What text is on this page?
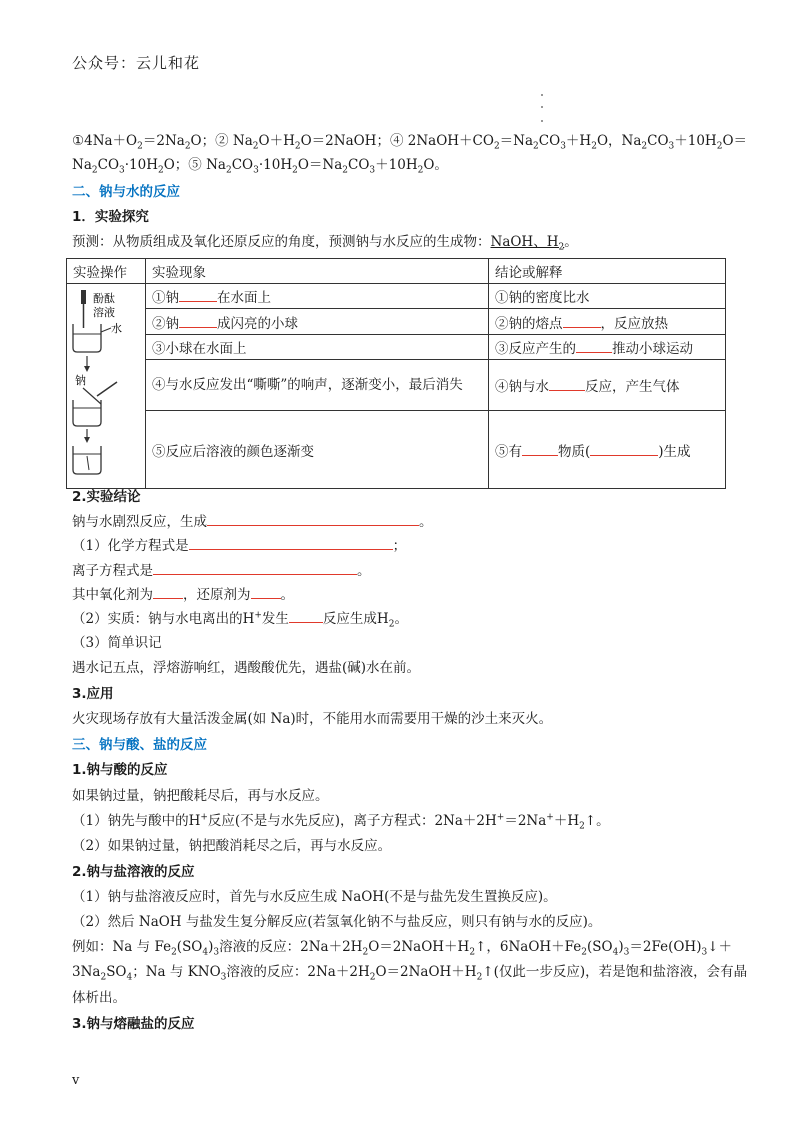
公众号：云儿和花
$①4Na+O_2=2Na_2O$；② $Na_2O+H_2O=2NaOH$；④ $2NaOH+CO_2=Na_2CO_3+H_2O$，$Na_2CO_3+10H_2O=$
$Na_2CO_3\cdot 10H_2O$；⑤ $Na_2CO_3\cdot 10H_2O=Na_2CO_3+10H_2O$。
二、钠与水的反应
1．实验探究
预测：从物质组成及氧化还原反应的角度，预测钠与水反应的生成物：NaOH、$H_2$。
实验操作	实验现象	结论或解释

酚酞
溶液
水
钠	①钠 在水面上	①钠的密度比水
	②钠 成闪亮的小球	②钠的熔点 ，反应放热
	③小球在水面上	③反应产生的 推动小球运动
	④与水反应发出“嘶嘶”的响声，逐渐变小，最后消失	④钠与水 反应，产生气体
	⑤反应后溶液的颜色逐渐变	⑤有 物质( )生成
2.实验结论
钠与水剧烈反应，生成	。
（1）化学方程式是	；
离子方程式是	。
其中氧化剂为 ，还原剂为 。
（2）实质：钠与水电离出的H+发生	反应生成$H_2$。
（3）简单识记
遇水记五点，浮熔游响红，遇酸酸优先，遇盐(碱)水在前。
3.应用
火灾现场存放有大量活泼金属(如 Na)时，不能用水而需要用干燥的沙土来灭火。
三、钠与酸、盐的反应
1.钠与酸的反应
如果钠过量，钠把酸耗尽后，再与水反应。
（1）钠先与酸中的H+反应(不是与水先反应)，离子方程式：$2Na+2H^+=2Na^++H_2↑$。
（2）如果钠过量，钠把酸消耗尽之后，再与水反应。
2.钠与盐溶液的反应
（1）钠与盐溶液反应时，首先与水反应生成 NaOH(不是与盐先发生置换反应)。
（2）然后 NaOH 与盐发生复分解反应(若氢氧化钠不与盐反应，则只有钠与水的反应)。
例如：Na 与 $Fe_2(SO_4)_3$溶液的反应：$2Na+2H_2O=2NaOH+H_2↑$，$6NaOH+Fe_2(SO_4)_3=2Fe(OH)_3↓+$
$3Na_2SO_4$；Na 与 $KNO_3$溶液的反应：$2Na+2H_2O=2NaOH+H_2↑$(仅此一步反应)，若是饱和盐溶液，会有晶
体析出。
3.钠与熔融盐的反应
v
